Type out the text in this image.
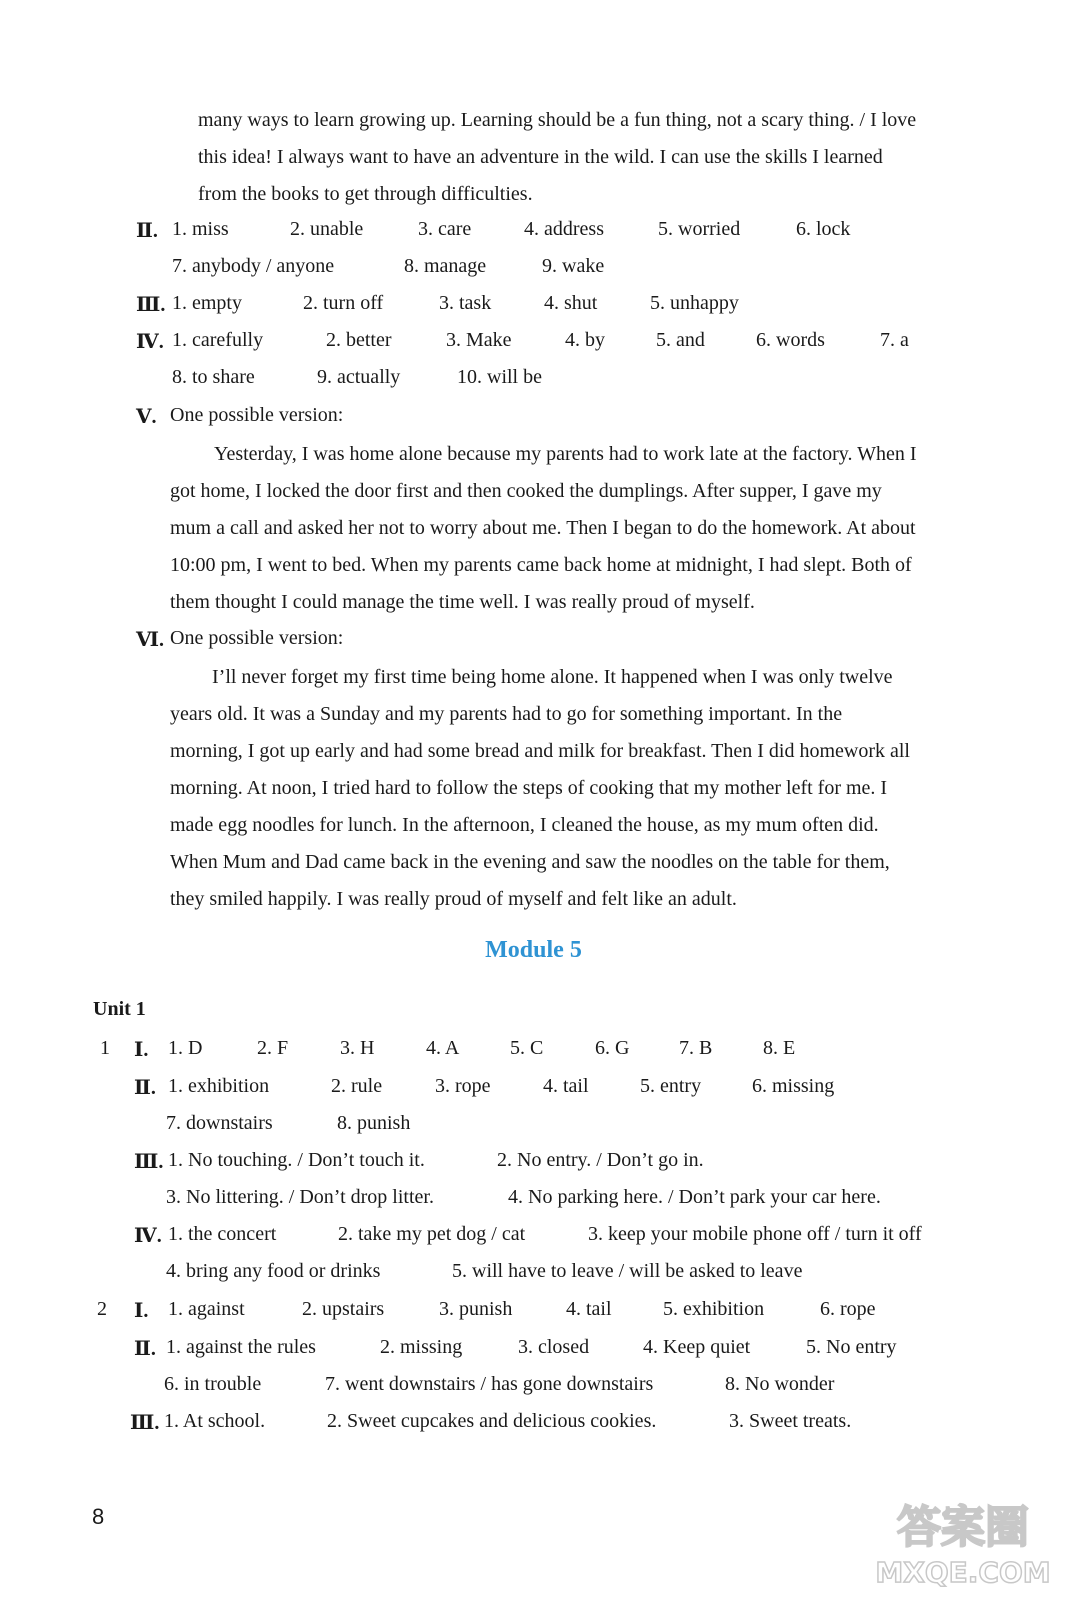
many ways to learn growing up. Learning should be a fun thing, not a scary thing. / I love
this idea! I always want to have an adventure in the wild. I can use the skills I learned
from the books to get through difficulties.
Ⅱ. 1. miss	2. unable	3. care	4. address	5. worried	6. lock
7. anybody / anyone	8. manage	9. wake
Ⅲ. 1. empty	2. turn off	3. task	4. shut	5. unhappy
Ⅳ. 1. carefully	2. better	3. Make	4. by	5. and	6. words	7. a
8. to share	9. actually	10. will be
Ⅴ. One possible version:
Yesterday, I was home alone because my parents had to work late at the factory. When I
got home, I locked the door first and then cooked the dumplings. After supper, I gave my
mum a call and asked her not to worry about me. Then I began to do the homework. At about
10:00 pm, I went to bed. When my parents came back home at midnight, I had slept. Both of
them thought I could manage the time well. I was really proud of myself.
Ⅵ. One possible version:
I’ll never forget my first time being home alone. It happened when I was only twelve
years old. It was a Sunday and my parents had to go for something important. In the
morning, I got up early and had some bread and milk for breakfast. Then I did homework all
morning. At noon, I tried hard to follow the steps of cooking that my mother left for me. I
made egg noodles for lunch. In the afternoon, I cleaned the house, as my mum often did.
When Mum and Dad came back in the evening and saw the noodles on the table for them,
they smiled happily. I was really proud of myself and felt like an adult.
Module 5
Unit 1
1 Ⅰ. 1. D	2. F	3. H	4. A	5. C	6. G 7. B	8. E
Ⅱ. 1. exhibition	2. rule	3. rope	4. tail	5. entry	6. missing
7. downstairs	8. punish
Ⅲ. 1. No touching. / Don’t touch it.	2. No entry. / Don’t go in.
3. No littering. / Don’t drop litter.	4. No parking here. / Don’t park your car here.
Ⅳ. 1. the concert	2. take my pet dog / cat	3. keep your mobile phone off / turn it off
4. bring any food or drinks	5. will have to leave / will be asked to leave
2 Ⅰ. 1. against	2. upstairs	3. punish	4. tail	5. exhibition	6. rope
Ⅱ. 1. against the rules	2. missing	3. closed	4. Keep quiet	5. No entry
6. in trouble	7. went downstairs / has gone downstairs	8. No wonder
Ⅲ. 1. At school.	2. Sweet cupcakes and delicious cookies.	3. Sweet treats.
8	答案圈
MXQE.COM
